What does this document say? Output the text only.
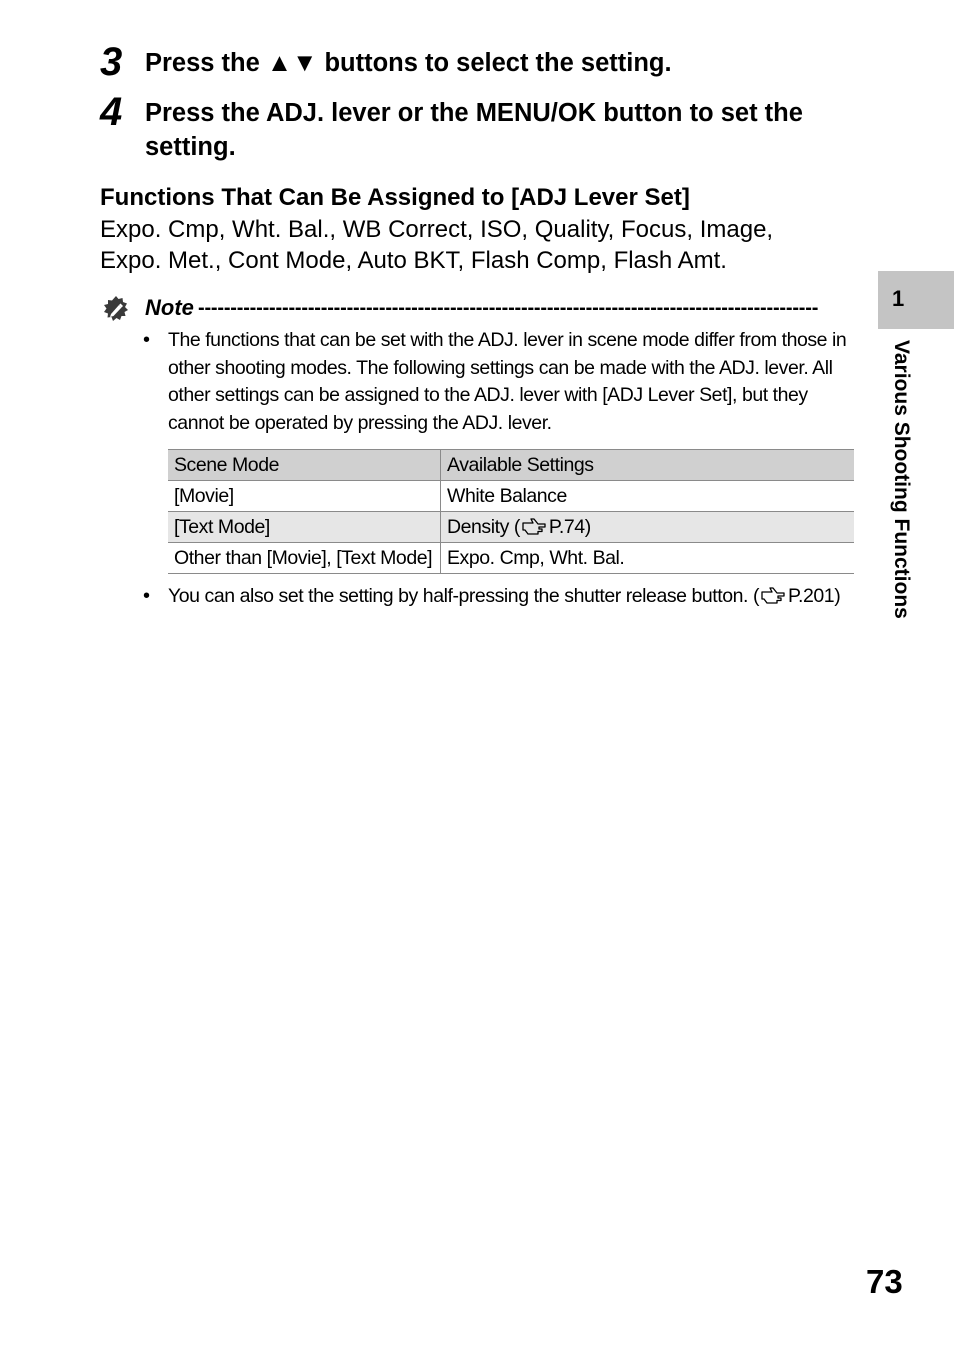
3 Press the ▲▼ buttons to select the setting.
4 Press the ADJ. lever or the MENU/OK button to set the setting.
Functions That Can Be Assigned to [ADJ Lever Set]
Expo. Cmp, Wht. Bal., WB Correct, ISO, Quality, Focus, Image, Expo. Met., Cont Mode, Auto BKT, Flash Comp, Flash Amt.
Note ------------------------------------------------------------------------------------------------
• The functions that can be set with the ADJ. lever in scene mode differ from those in other shooting modes. The following settings can be made with the ADJ. lever. All other settings can be assigned to the ADJ. lever with [ADJ Lever Set], but they cannot be operated by pressing the ADJ. lever.
Scene Mode	Available Settings
[Movie]	White Balance
[Text Mode]	Density ( P.74)
Other than [Movie], [Text Mode]	Expo. Cmp, Wht. Bal.
• You can also set the setting by half-pressing the shutter release button. ( P.201)
1
Various Shooting Functions
73
